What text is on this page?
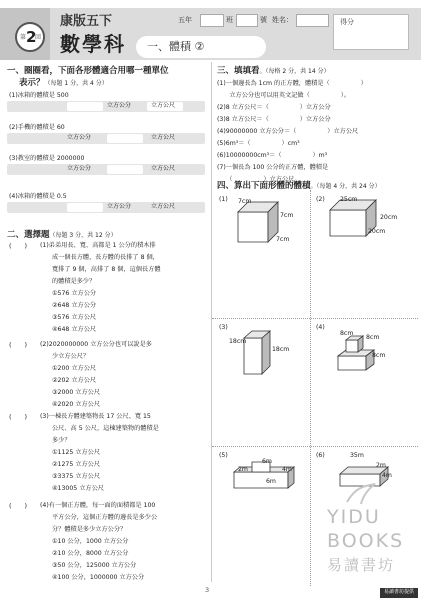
第 2
回
康版五下
數學科	一、體積 ②
五年	班	號 姓名：	得分
一、圈圈看，下面各形體適合用哪一種單位
表示？（每題 1 分，共 4 分）
(1)冰箱的體積是 500
立方公分	立方公尺
(2)手機的體積是 60
立方公分	立方公尺
(3)教室的體積是 2000000
立方公分	立方公尺
(4)冰箱的體積是 0.5
立方公分	立方公尺
二、選擇題（每題 3 分，共 12 分）
(　　) (1)弟弟用長、寬、高都是 1 公分的積木排
成一個長方體，長方體的長排了 8 個，
寬排了 9 個，高排了 8 個，這個長方體
的體積是多少？
①576 立方公分
②648 立方公分
③576 立方公尺
④648 立方公尺
(　　) (2)2020000000 立方公分也可以說是多
少立方公尺？
①200 立方公尺
②202 立方公尺
③2000 立方公尺
④2020 立方公尺
(　　) (3)一棟長方體建築物長 17 公尺、寬 15
公尺、高 5 公尺，這棟建築物的體積是
多少？
①1125 立方公尺
②1275 立方公尺
③3375 立方公尺
④13005 立方公尺
(　　) (4)有一個正方體，每一面的面積都是 100
平方公分，這個正方體的邊長是多少公
分？體積是多少立方公分？
①10 公分，1000 立方公分
②10 公分，8000 立方公分
③50 公分，125000 立方公分
④100 公分，1000000 立方公分
三、填填看。（每格 2 分，共 14 分）
(1)一個邊長為 1cm 的正方體，體積是（　　　　　）
　　立方公分也可以用英文記做（　　　　　）。
(2)8 立方公尺＝（　　　　　）立方公分
(3)8 立方公尺＝（　　　　　）立方公分
(4)90000000 立方公分＝（　　　　　）立方公尺
(5)6m³＝（　　　　　）cm³
(6)10000000cm³＝（　　　　　）m³
(7)一個長為 100 公分的正方體，體積是
　　（　　　　　）立方公尺。
四、算出下面形體的體積。（每題 4 分，共 24 分）
(1) 7cm
7cm
7cm
(2) 25cm
20cm
20cm
(3)
18cm
18cm
(4)
8cm
8cm
8cm
(5)
2m
6m
4m
6m
(6)	35m
2m
4m
YIDU
BOOKS
易讀書坊
3	易讀書坊提供
